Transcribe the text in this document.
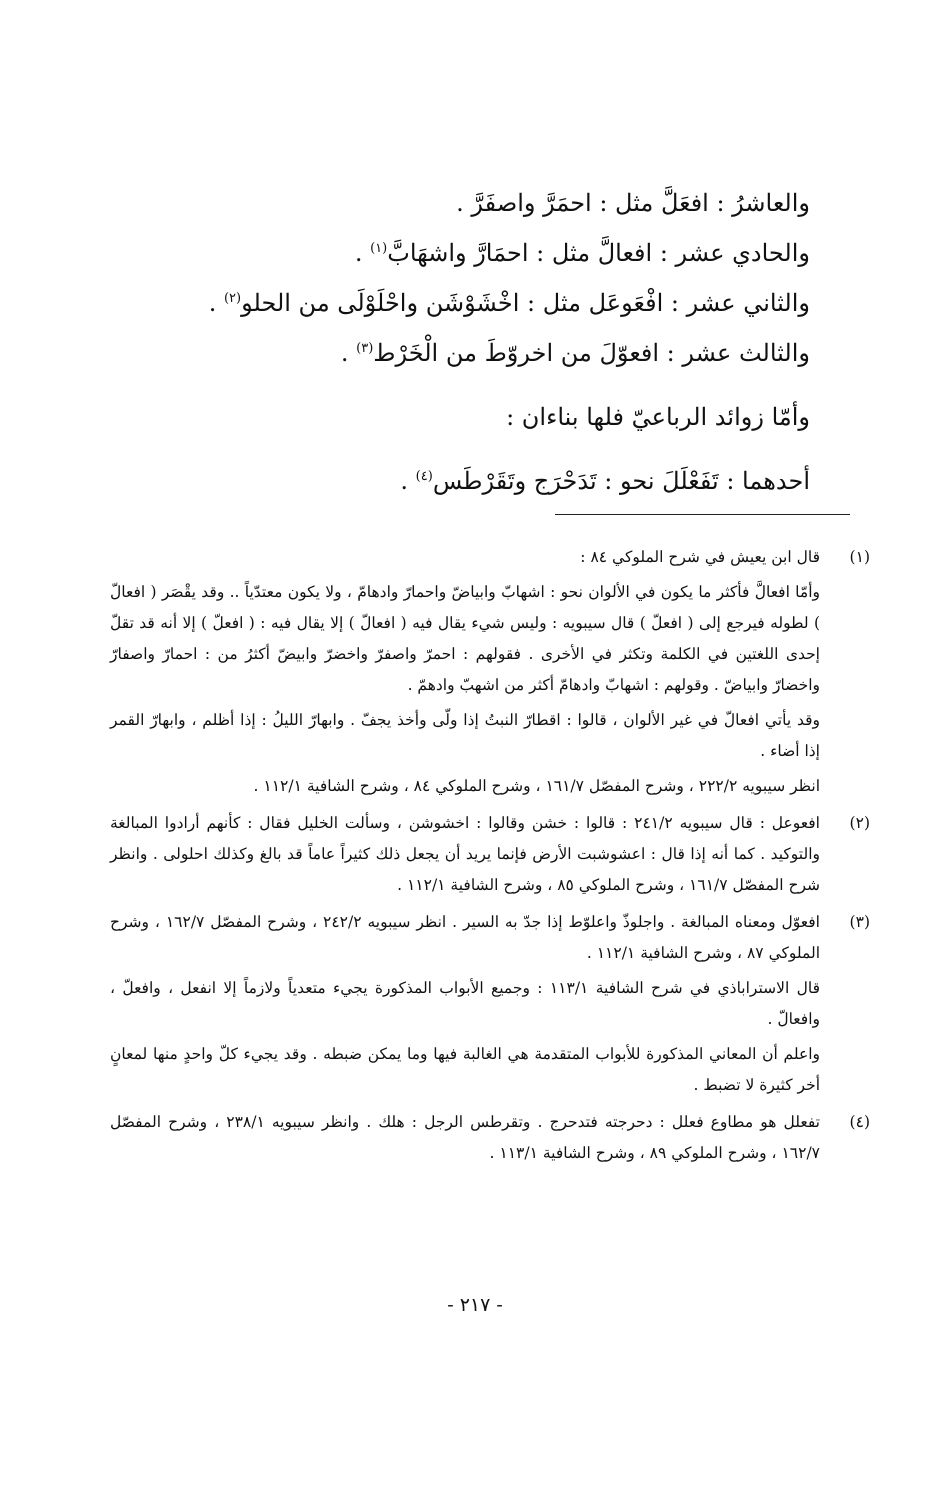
والعاشرُ : افعَلَّ مثل : احمَرَّ واصفَرَّ .
والحادي عشر : افعالَّ مثل : احمَارَّ واشهَابَّ$^{(١)}$ .
والثاني عشر : افْعَوعَل مثل : اخْشَوْشَن واحْلَوْلَى من الحلو$^{(٢)}$ .
والثالث عشر : افعوّلَ من اخروّطَ من الْخَرْط$^{(٣)}$ .
وأمّا زوائد الرباعيّ فلها بناءان :
أحدهما : تَفَعْلَلَ نحو : تَدَحْرَج وتَقَرْطَس$^{(٤)}$ .
(١)

قال ابن يعيش في شرح الملوكي ٨٤ :

وأمّا افعالَّ فأكثر ما يكون في الألوان نحو : اشهابّ وابياضّ واحمارّ وادهامّ ، ولا يكون معتدّياً .. وقد يقْصَر ( افعالّ ) لطوله فيرجع إلى ( افعلّ ) قال سيبويه : وليس شيء يقال فيه ( افعالّ ) إلا يقال فيه : ( افعلّ ) إلا أنه قد تقلّ إحدى اللغتين في الكلمة وتكثر في الأخرى . فقولهم : احمرّ واصفرّ واخضرّ وابيضّ أكثرُ من : احمارّ واصفارّ واخضارّ وابياضّ . وقولهم : اشهابّ وادهامّ أكثر من اشهبّ وادهمّ .

وقد يأتي افعالّ في غير الألوان ، قالوا : اقطارّ النبتُ إذا ولّى وأخذ يجفّ . وابهارّ الليلُ : إذا أظلم ، وابهارّ القمر إذا أضاء .

انظر سيبويه ٢٢٢/٢ ، وشرح المفصّل ١٦١/٧ ، وشرح الملوكي ٨٤ ، وشرح الشافية ١١٢/١ .

(٢)

افعوعل : قال سيبويه ٢٤١/٢ : قالوا : خشن وقالوا : اخشوشن ، وسألت الخليل فقال : كأنهم أرادوا المبالغة والتوكيد . كما أنه إذا قال : اعشوشبت الأرض فإنما يريد أن يجعل ذلك كثيراً عاماً قد بالغ وكذلك احلولى . وانظر شرح المفصّل ١٦١/٧ ، وشرح الملوكي ٨٥ ، وشرح الشافية ١١٢/١ .

(٣)

افعوّل ومعناه المبالغة . واجلوذّ واعلوّط إذا جدّ به السير . انظر سيبويه ٢٤٢/٢ ، وشرح المفصّل ١٦٢/٧ ، وشرح الملوكي ٨٧ ، وشرح الشافية ١١٢/١ .

قال الاستراباذي في شرح الشافية ١١٣/١ : وجميع الأبواب المذكورة يجيء متعدياً ولازماً إلا انفعل ، وافعلّ ، وافعالّ .

واعلم أن المعاني المذكورة للأبواب المتقدمة هي الغالبة فيها وما يمكن ضبطه . وقد يجيء كلّ واحدٍ منها لمعانٍ أخر كثيرة لا تضبط .

(٤)

تفعلل هو مطاوع فعلل : دحرجته فتدحرج . وتقرطس الرجل : هلك . وانظر سيبويه ٢٣٨/١ ، وشرح المفصّل ١٦٢/٧ ، وشرح الملوكي ٨٩ ، وشرح الشافية ١١٣/١ .

- ٢١٧ -
